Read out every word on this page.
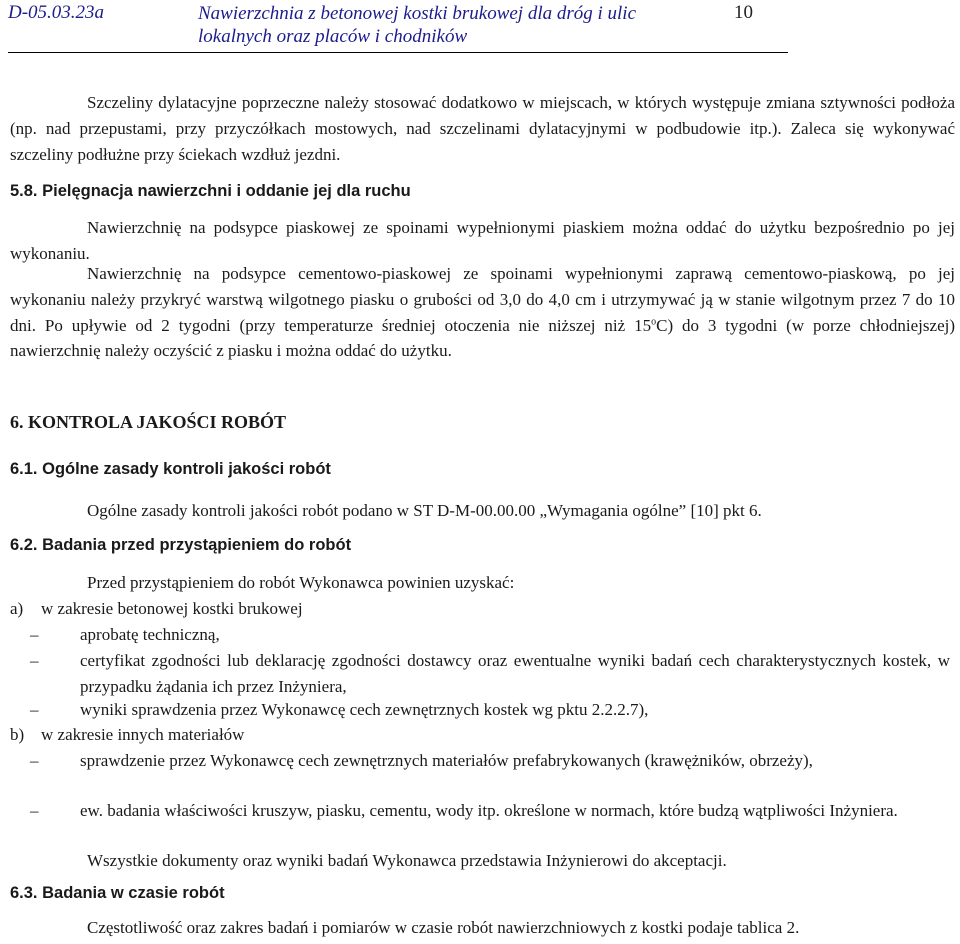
D-05.03.23a	Nawierzchnia z betonowej kostki brukowej dla dróg i ulic
lokalnych oraz placów i chodników
10
Szczeliny dylatacyjne poprzeczne należy stosować dodatkowo w miejscach, w których występuje zmiana sztywności podłoża (np. nad przepustami, przy przyczółkach mostowych, nad szczelinami dylatacyjnymi w podbudowie itp.). Zaleca się wykonywać szczeliny podłużne przy ściekach wzdłuż jezdni.
5.8. Pielęgnacja nawierzchni i oddanie jej dla ruchu
Nawierzchnię na podsypce piaskowej ze spoinami wypełnionymi piaskiem można oddać do użytku bezpośrednio po jej wykonaniu.
Nawierzchnię na podsypce cementowo-piaskowej ze spoinami wypełnionymi zaprawą cementowo-piaskową, po jej wykonaniu należy przykryć warstwą wilgotnego piasku o grubości od 3,0 do 4,0 cm i utrzymywać ją w stanie wilgotnym przez 7 do 10 dni. Po upływie od 2 tygodni (przy temperaturze średniej otoczenia nie niższej niż 15$^o$C) do 3 tygodni (w porze chłodniejszej) nawierzchnię należy oczyścić z piasku i można oddać do użytku.
6. KONTROLA JAKOŚCI ROBÓT
6.1. Ogólne zasady kontroli jakości robót
Ogólne zasady kontroli jakości robót podano w ST D-M-00.00.00 „Wymagania ogólne” [10] pkt 6.
6.2. Badania przed przystąpieniem do robót
Przed przystąpieniem do robót Wykonawca powinien uzyskać:
a) w zakresie betonowej kostki brukowej
– aprobatę techniczną,
– certyfikat zgodności lub deklarację zgodności dostawcy oraz ewentualne wyniki badań cech charakterystycznych kostek, w przypadku żądania ich przez Inżyniera,
– wyniki sprawdzenia przez Wykonawcę cech zewnętrznych kostek wg pktu 2.2.2.7),
b) w zakresie innych materiałów
– sprawdzenie przez Wykonawcę cech zewnętrznych materiałów prefabrykowanych (krawężników, obrzeży),
– ew. badania właściwości kruszyw, piasku, cementu, wody itp. określone w normach, które budzą wątpliwości Inżyniera.
Wszystkie dokumenty oraz wyniki badań Wykonawca przedstawia Inżynierowi do akceptacji.
6.3. Badania w czasie robót
Częstotliwość oraz zakres badań i pomiarów w czasie robót nawierzchniowych z kostki podaje tablica 2.
